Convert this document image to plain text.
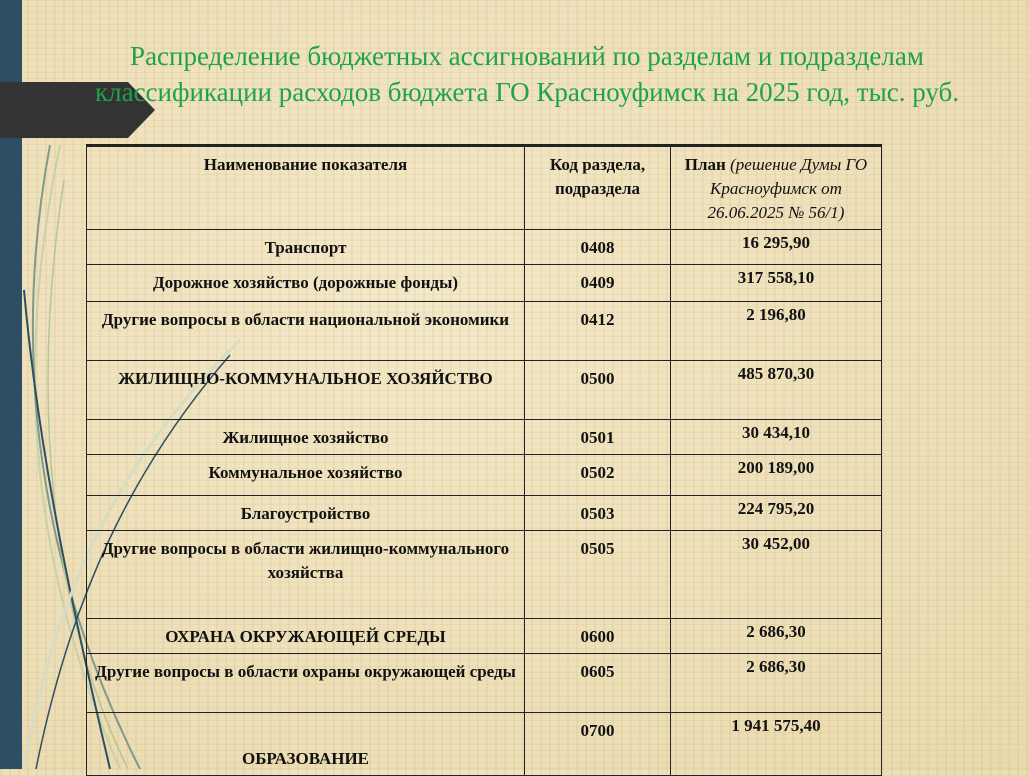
Распределение бюджетных ассигнований по разделам и подразделам классификации расходов бюджета ГО Красноуфимск на 2025 год, тыс. руб.
Наименование показателя	Код раздела, подраздела	План (решение Думы ГО Красноуфимск от 26.06.2025 № 56/1)
Транспорт	0408	16 295,90
Дорожное хозяйство (дорожные фонды)	0409	317 558,10
Другие вопросы в области национальной экономики	0412	2 196,80
ЖИЛИЩНО-КОММУНАЛЬНОЕ ХОЗЯЙСТВО	0500	485 870,30
Жилищное хозяйство	0501	30 434,10
Коммунальное хозяйство	0502	200 189,00
Благоустройство	0503	224 795,20
Другие вопросы в области жилищно-коммунального хозяйства	0505	30 452,00
ОХРАНА ОКРУЖАЮЩЕЙ СРЕДЫ	0600	2 686,30
Другие вопросы в области охраны окружающей среды	0605	2 686,30
ОБРАЗОВАНИЕ	0700	1 941 575,40
